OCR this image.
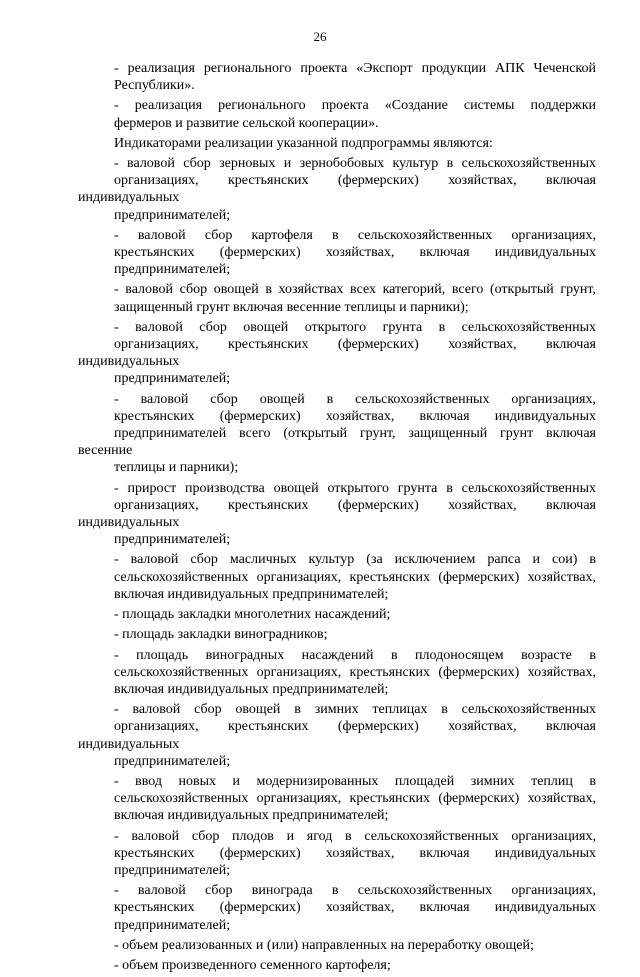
26
- реализация регионального проекта «Экспорт продукции АПК Чеченской
Республики».
- реализация регионального проекта «Создание системы поддержки
фермеров и развитие сельской кооперации».
Индикаторами реализации указанной подпрограммы являются:
- валовой сбор зерновых и зернобобовых культур в сельскохозяйственных
организациях, крестьянских (фермерских) хозяйствах, включая индивидуальных
предпринимателей;
- валовой сбор картофеля в сельскохозяйственных организациях,
крестьянских (фермерских) хозяйствах, включая индивидуальных
предпринимателей;
- валовой сбор овощей в хозяйствах всех категорий, всего (открытый грунт,
защищенный грунт включая весенние теплицы и парники);
- валовой сбор овощей открытого грунта в сельскохозяйственных
организациях, крестьянских (фермерских) хозяйствах, включая индивидуальных
предпринимателей;
- валовой сбор овощей в сельскохозяйственных организациях,
крестьянских (фермерских) хозяйствах, включая индивидуальных
предпринимателей всего (открытый грунт, защищенный грунт включая весенние
теплицы и парники);
- прирост производства овощей открытого грунта в сельскохозяйственных
организациях, крестьянских (фермерских) хозяйствах, включая индивидуальных
предпринимателей;
- валовой сбор масличных культур (за исключением рапса и сои) в
сельскохозяйственных организациях, крестьянских (фермерских) хозяйствах,
включая индивидуальных предпринимателей;
- площадь закладки многолетних насаждений;
- площадь закладки виноградников;
- площадь виноградных насаждений в плодоносящем возрасте в
сельскохозяйственных организациях, крестьянских (фермерских) хозяйствах,
включая индивидуальных предпринимателей;
- валовой сбор овощей в зимних теплицах в сельскохозяйственных
организациях, крестьянских (фермерских) хозяйствах, включая индивидуальных
предпринимателей;
- ввод новых и модернизированных площадей зимних теплиц в
сельскохозяйственных организациях, крестьянских (фермерских) хозяйствах,
включая индивидуальных предпринимателей;
- валовой сбор плодов и ягод в сельскохозяйственных организациях,
крестьянских (фермерских) хозяйствах, включая индивидуальных
предпринимателей;
- валовой сбор винограда в сельскохозяйственных организациях,
крестьянских (фермерских) хозяйствах, включая индивидуальных
предпринимателей;
- объем реализованных и (или) направленных на переработку овощей;
- объем произведенного семенного картофеля;
